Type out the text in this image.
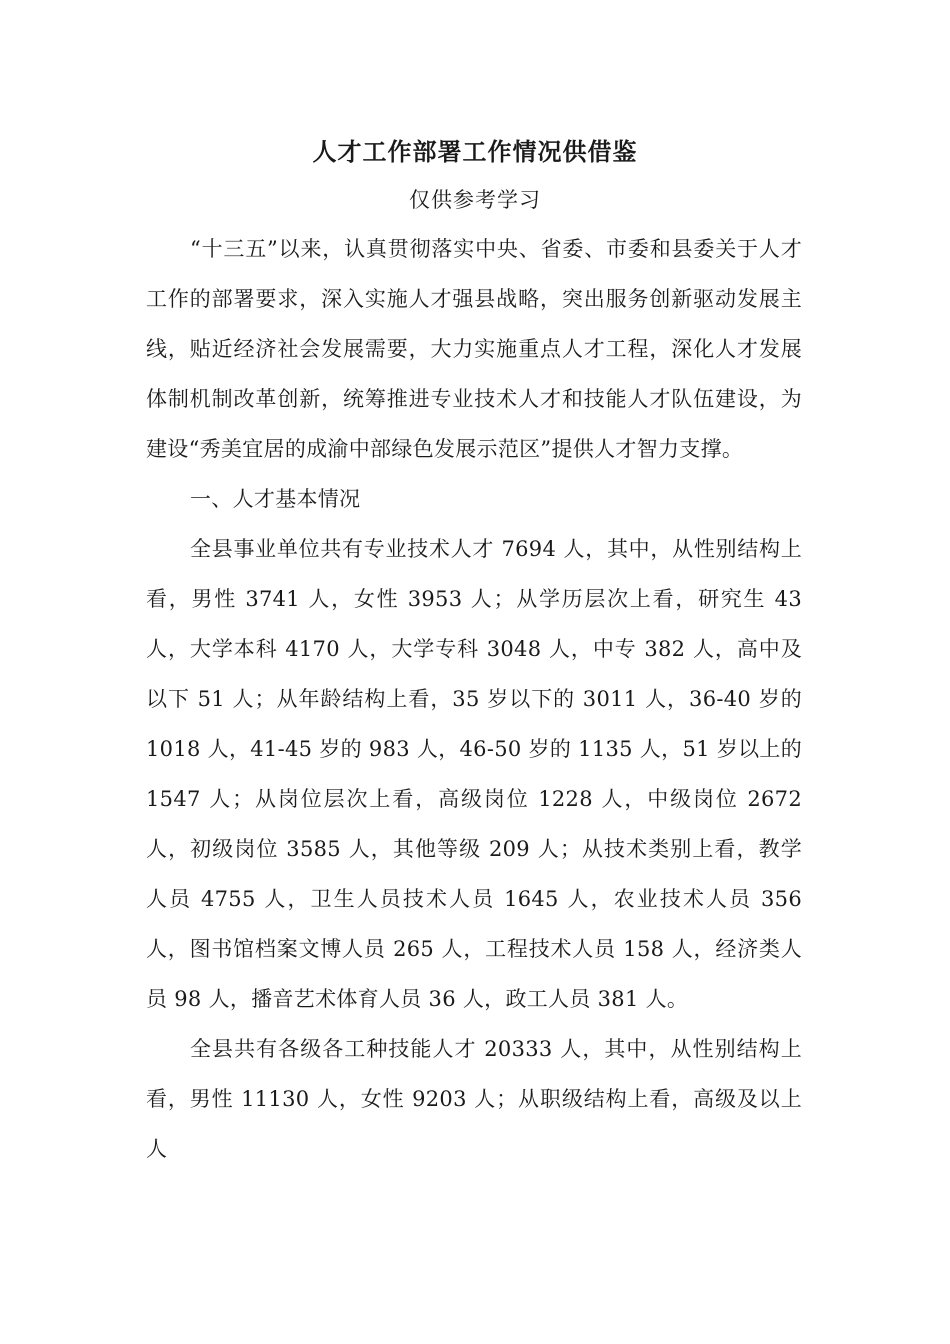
人才工作部署工作情况供借鉴
仅供参考学习

“十三五”以来，认真贯彻落实中央、省委、市委和县委关于人才工作的部署要求，深入实施人才强县战略，突出服务创新驱动发展主线，贴近经济社会发展需要，大力实施重点人才工程，深化人才发展体制机制改革创新，统筹推进专业技术人才和技能人才队伍建设，为建设“秀美宜居的成渝中部绿色发展示范区”提供人才智力支撑。

一、人才基本情况

全县事业单位共有专业技术人才 7694 人，其中，从性别结构上看，男性 3741 人，女性 3953 人；从学历层次上看，研究生 43 人，大学本科 4170 人，大学专科 3048 人，中专 382 人，高中及以下 51 人；从年龄结构上看，35 岁以下的 3011 人，36-40 岁的 1018 人，41-45 岁的 983 人，46-50 岁的 1135 人，51 岁以上的 1547 人；从岗位层次上看，高级岗位 1228 人，中级岗位 2672 人，初级岗位 3585 人，其他等级 209 人；从技术类别上看，教学人员 4755 人，卫生人员技术人员 1645 人，农业技术人员 356 人，图书馆档案文博人员 265 人，工程技术人员 158 人，经济类人员 98 人，播音艺术体育人员 36 人，政工人员 381 人。

全县共有各级各工种技能人才 20333 人，其中，从性别结构上看，男性 11130 人，女性 9203 人；从职级结构上看，高级及以上人
